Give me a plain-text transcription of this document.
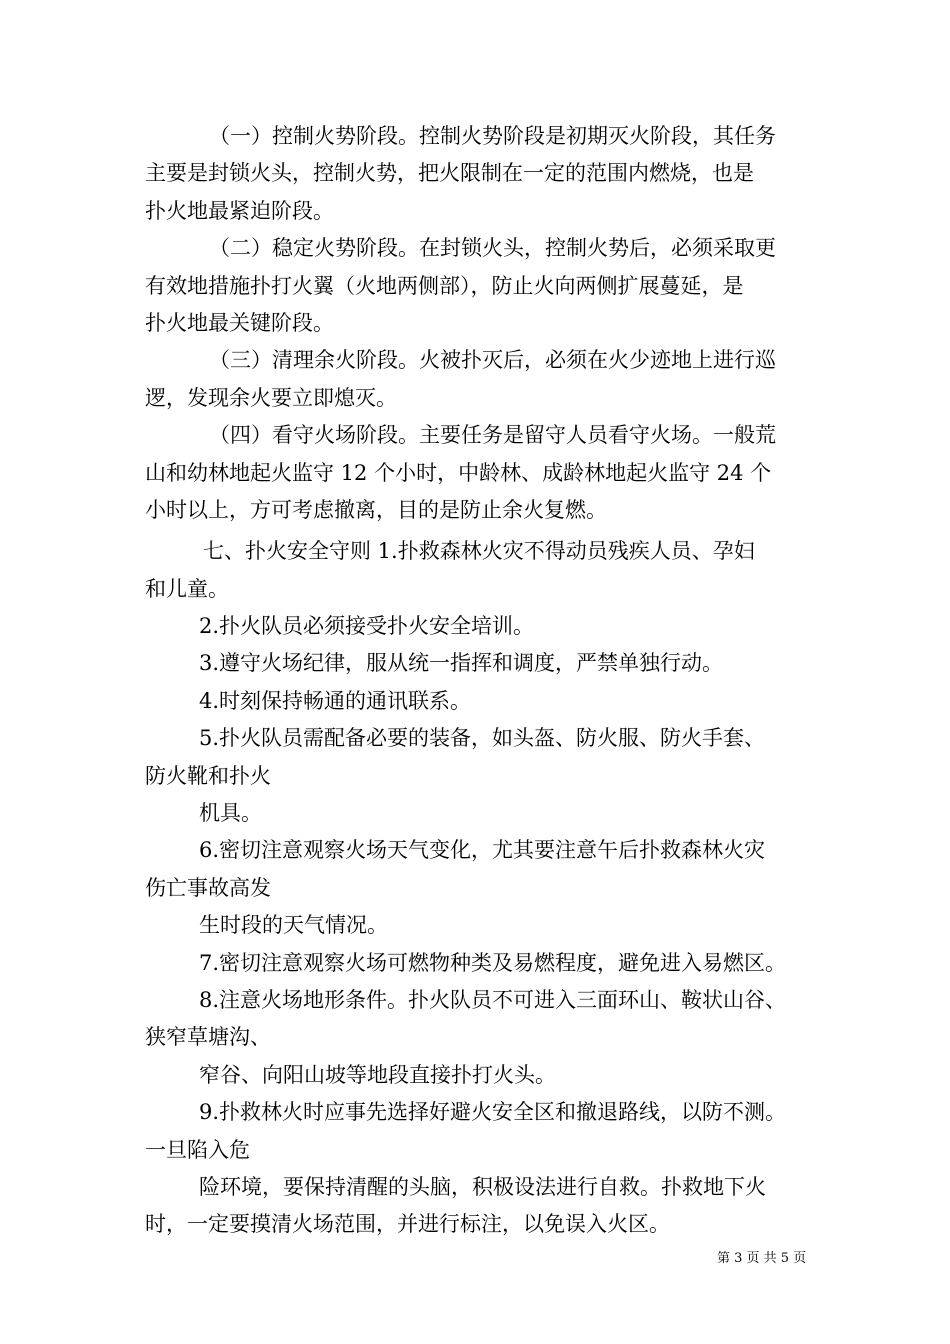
（一）控制火势阶段。控制火势阶段是初期灭火阶段，其任务
主要是封锁火头，控制火势，把火限制在一定的范围内燃烧，也是
扑火地最紧迫阶段。
（二）稳定火势阶段。在封锁火头，控制火势后，必须采取更
有效地措施扑打火翼（火地两侧部），防止火向两侧扩展蔓延，是
扑火地最关键阶段。
（三）清理余火阶段。火被扑灭后，必须在火少迹地上进行巡
逻，发现余火要立即熄灭。
（四）看守火场阶段。主要任务是留守人员看守火场。一般荒
山和幼林地起火监守 12 个小时，中龄林、成龄林地起火监守 24 个
小时以上，方可考虑撤离，目的是防止余火复燃。
七、扑火安全守则 1.扑救森林火灾不得动员残疾人员、孕妇
和儿童。
2.扑火队员必须接受扑火安全培训。
3.遵守火场纪律，服从统一指挥和调度，严禁单独行动。
4.时刻保持畅通的通讯联系。
5.扑火队员需配备必要的装备，如头盔、防火服、防火手套、
防火靴和扑火
机具。
6.密切注意观察火场天气变化，尤其要注意午后扑救森林火灾
伤亡事故高发
生时段的天气情况。
7.密切注意观察火场可燃物种类及易燃程度，避免进入易燃区。
8.注意火场地形条件。扑火队员不可进入三面环山、鞍状山谷、
狭窄草塘沟、
窄谷、向阳山坡等地段直接扑打火头。
9.扑救林火时应事先选择好避火安全区和撤退路线，以防不测。
一旦陷入危
险环境，要保持清醒的头脑，积极设法进行自救。扑救地下火
时，一定要摸清火场范围，并进行标注，以免误入火区。
第 3 页 共 5 页
